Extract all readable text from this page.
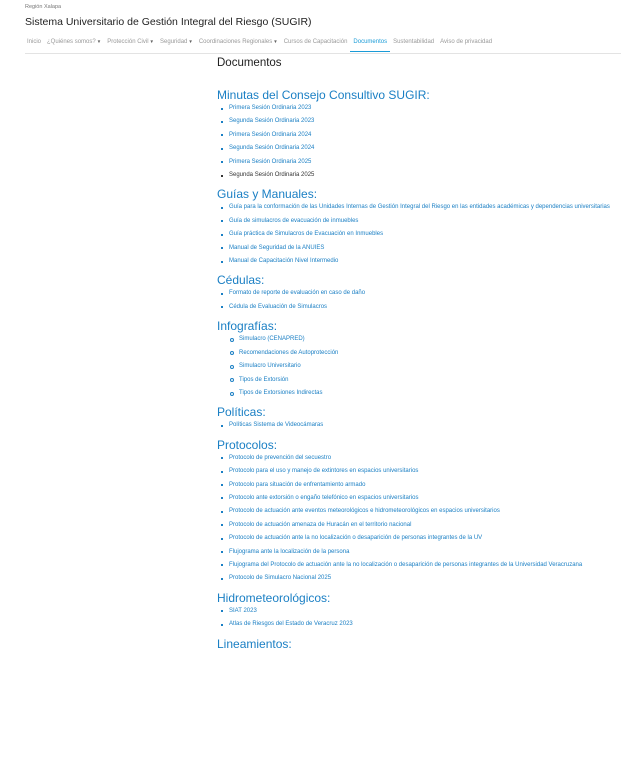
Región Xalapa
Sistema Universitario de Gestión Integral del Riesgo (SUGIR)
Inicio	¿Quiénes somos?▼	Protección Civil▼	Seguridad▼	Coordinaciones Regionales▼	Cursos de Capacitación	Documentos	Sustentabilidad	Aviso de privacidad
Documentos
Minutas del Consejo Consultivo SUGIR:
Primera Sesión Ordinaria 2023
Segunda Sesión Ordinaria 2023
Primera Sesión Ordinaria 2024
Segunda Sesión Ordinaria 2024
Primera Sesión Ordinaria 2025
Segunda Sesión Ordinaria 2025
Guías y Manuales:
Guía para la conformación de las Unidades Internas de Gestión Integral del Riesgo en las entidades académicas y dependencias universitarias
Guía de simulacros de evacuación de inmuebles
Guía práctica de Simulacros de Evacuación en Inmuebles
Manual de Seguridad de la ANUIES
Manual de Capacitación Nivel Intermedio
Cédulas:
Formato de reporte de evaluación en caso de daño
Cédula de Evaluación de Simulacros
Infografías:
Simulacro (CENAPRED)
Recomendaciones de Autoprotección
Simulacro Universitario
Tipos de Extorsión
Tipos de Extorsiones Indirectas
Políticas:
Políticas Sistema de Videocámaras
Protocolos:
Protocolo de prevención del secuestro
Protocolo para el uso y manejo de extintores en espacios universitarios
Protocolo para situación de enfrentamiento armado
Protocolo ante extorsión o engaño telefónico en espacios universitarios
Protocolo de actuación ante eventos meteorológicos e hidrometeorológicos en espacios universitarios
Protocolo de actuación amenaza de Huracán en el territorio nacional
Protocolo de actuación ante la no localización o desaparición de personas integrantes de la UV
Flujograma ante la localización de la persona
Flujograma del Protocolo de actuación ante la no localización o desaparición de personas integrantes de la Universidad Veracruzana
Protocolo de Simulacro Nacional 2025
Hidrometeorológicos:
SIAT 2023
Atlas de Riesgos del Estado de Veracruz 2023
Lineamientos:
